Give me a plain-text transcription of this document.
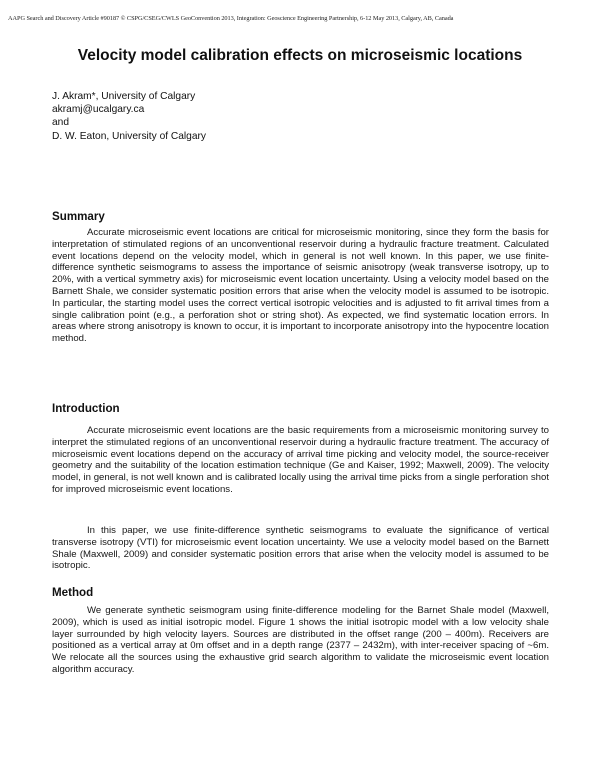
AAPG Search and Discovery Article #90187 © CSPG/CSEG/CWLS GeoConvention 2013, Integration: Geoscience Engineering Partnership, 6-12 May 2013, Calgary, AB, Canada
Velocity model calibration effects on microseismic locations
J. Akram*, University of Calgary
akramj@ucalgary.ca
and
D. W. Eaton, University of Calgary
Summary

Accurate microseismic event locations are critical for microseismic monitoring, since they form the basis for interpretation of stimulated regions of an unconventional reservoir during a hydraulic fracture treatment. Calculated event locations depend on the velocity model, which in general is not well known. In this paper, we use finite-difference synthetic seismograms to assess the importance of seismic anisotropy (weak transverse isotropy, up to 20%, with a vertical symmetry axis) for microseismic event location uncertainty. Using a velocity model based on the Barnett Shale, we consider systematic position errors that arise when the velocity model is assumed to be isotropic. In particular, the starting model uses the correct vertical isotropic velocities and is adjusted to fit arrival times from a single calibration point (e.g., a perforation shot or string shot). As expected, we find systematic location errors. In areas where strong anisotropy is known to occur, it is important to incorporate anisotropy into the hypocentre location method.

Introduction

Accurate microseismic event locations are the basic requirements from a microseismic monitoring survey to interpret the stimulated regions of an unconventional reservoir during a hydraulic fracture treatment. The accuracy of microseismic event locations depend on the accuracy of arrival time picking and velocity model, the source-receiver geometry and the suitability of the location estimation technique (Ge and Kaiser, 1992; Maxwell, 2009). The velocity model, in general, is not well known and is calibrated locally using the arrival time picks from a single perforation shot for improved microseismic event locations.

In this paper, we use finite-difference synthetic seismograms to evaluate the significance of vertical transverse isotropy (VTI) for microseismic event location uncertainty. We use a velocity model based on the Barnett Shale (Maxwell, 2009) and consider systematic position errors that arise when the velocity model is assumed to be isotropic.

Method

We generate synthetic seismogram using finite-difference modeling for the Barnet Shale model (Maxwell, 2009), which is used as initial isotropic model. Figure 1 shows the initial isotropic model with a low velocity shale layer surrounded by high velocity layers. Sources are distributed in the offset range (200 – 400m). Receivers are positioned as a vertical array at 0m offset and in a depth range (2377 – 2432m), with inter-receiver spacing of ~6m. We relocate all the sources using the exhaustive grid search algorithm to validate the microseismic event location algorithm accuracy.
